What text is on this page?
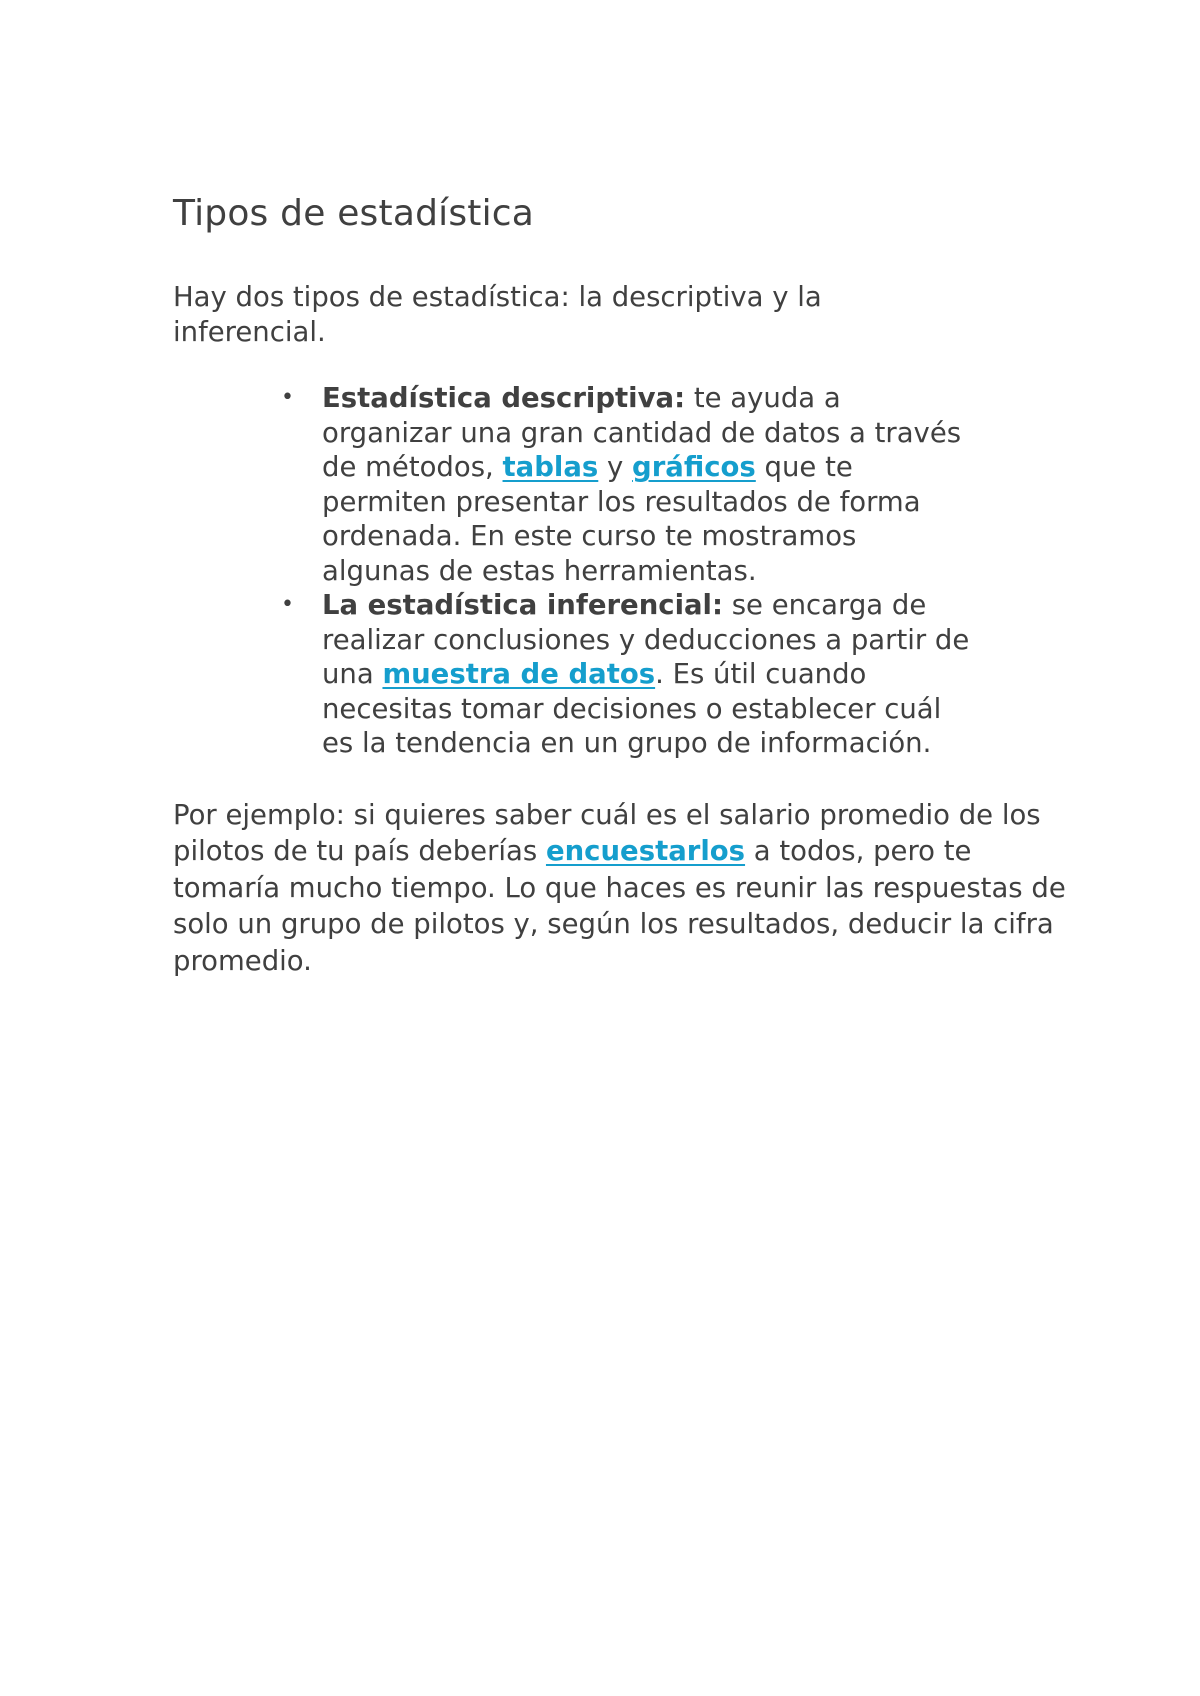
Tipos de estadística

Hay dos tipos de estadística: la descriptiva y la inferencial.

• Estadística descriptiva: te ayuda a organizar una gran cantidad de datos a través de métodos, tablas y gráficos que te permiten presentar los resultados de forma ordenada. En este curso te mostramos algunas de estas herramientas.
• La estadística inferencial: se encarga de realizar conclusiones y deducciones a partir de una muestra de datos. Es útil cuando necesitas tomar decisiones o establecer cuál es la tendencia en un grupo de información.

Por ejemplo: si quieres saber cuál es el salario promedio de los pilotos de tu país deberías encuestarlos a todos, pero te tomaría mucho tiempo. Lo que haces es reunir las respuestas de solo un grupo de pilotos y, según los resultados, deducir la cifra promedio.
